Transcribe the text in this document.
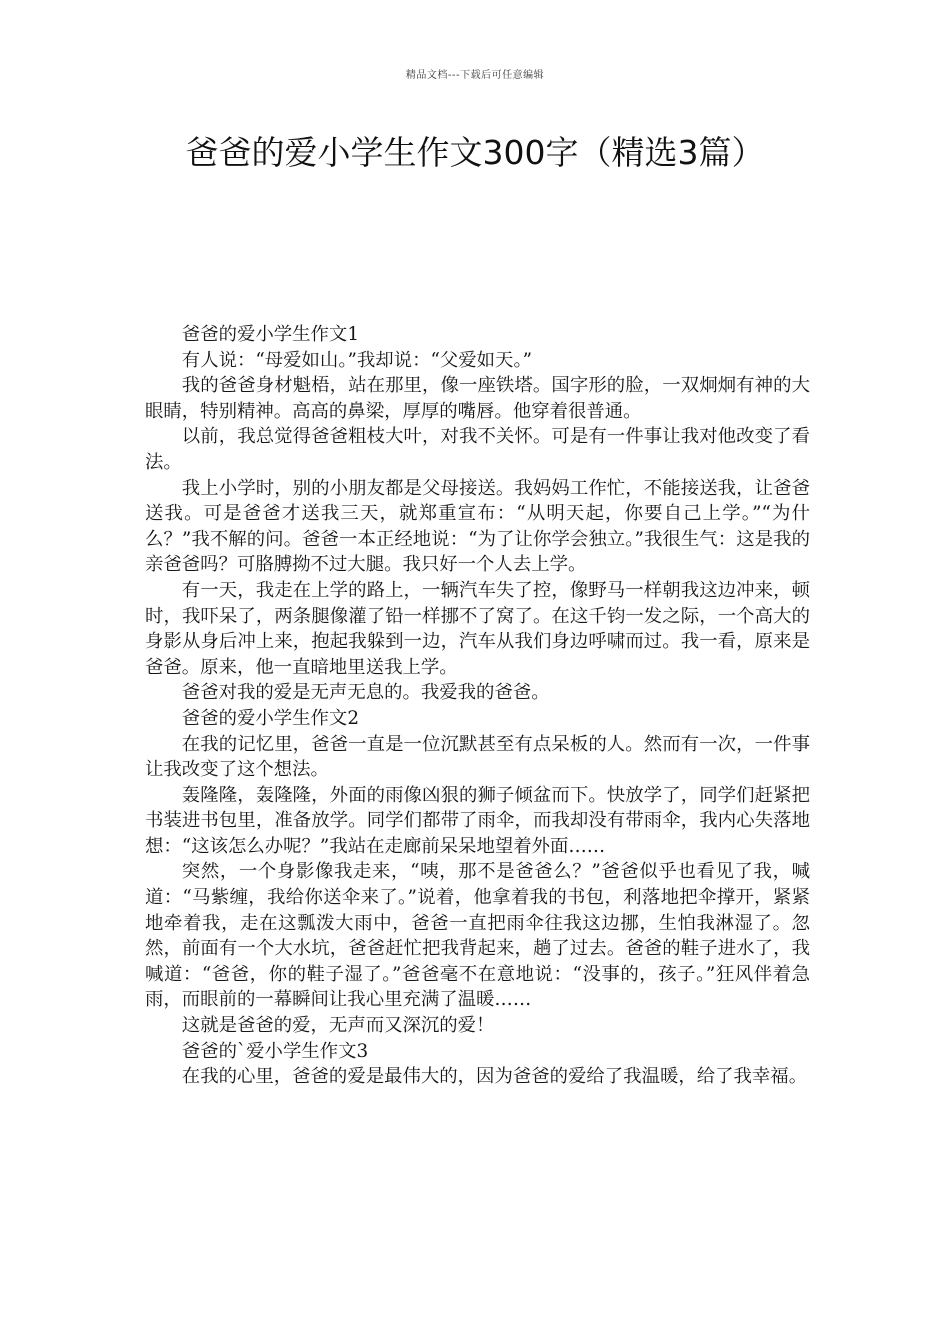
精品文档---下载后可任意编辑
爸爸的爱小学生作文300字（精选3篇）

爸爸的爱小学生作文1

有人说：“母爱如山。”我却说：“父爱如天。”

我的爸爸身材魁梧，站在那里，像一座铁塔。国字形的脸，一双炯炯有神的大眼睛，特别精神。高高的鼻梁，厚厚的嘴唇。他穿着很普通。

以前，我总觉得爸爸粗枝大叶，对我不关怀。可是有一件事让我对他改变了看法。

我上小学时，别的小朋友都是父母接送。我妈妈工作忙，不能接送我，让爸爸送我。可是爸爸才送我三天，就郑重宣布：“从明天起，你要自己上学。”“为什么？”我不解的问。爸爸一本正经地说：“为了让你学会独立。”我很生气：这是我的亲爸爸吗？可胳膊拗不过大腿。我只好一个人去上学。

有一天，我走在上学的路上，一辆汽车失了控，像野马一样朝我这边冲来，顿时，我吓呆了，两条腿像灌了铅一样挪不了窝了。在这千钧一发之际，一个高大的身影从身后冲上来，抱起我躲到一边，汽车从我们身边呼啸而过。我一看，原来是爸爸。原来，他一直暗地里送我上学。

爸爸对我的爱是无声无息的。我爱我的爸爸。

爸爸的爱小学生作文2

在我的记忆里，爸爸一直是一位沉默甚至有点呆板的人。然而有一次，一件事让我改变了这个想法。

轰隆隆，轰隆隆，外面的雨像凶狠的狮子倾盆而下。快放学了，同学们赶紧把书装进书包里，准备放学。同学们都带了雨伞，而我却没有带雨伞，我内心失落地想：“这该怎么办呢？”我站在走廊前呆呆地望着外面……

突然，一个身影像我走来，“咦，那不是爸爸么？”爸爸似乎也看见了我，喊道：“马紫缠，我给你送伞来了。”说着，他拿着我的书包，利落地把伞撑开，紧紧地牵着我，走在这瓢泼大雨中，爸爸一直把雨伞往我这边挪，生怕我淋湿了。忽然，前面有一个大水坑，爸爸赶忙把我背起来，趟了过去。爸爸的鞋子进水了，我喊道：“爸爸，你的鞋子湿了。”爸爸毫不在意地说：“没事的，孩子。”狂风伴着急雨，而眼前的一幕瞬间让我心里充满了温暖……

这就是爸爸的爱，无声而又深沉的爱！

爸爸的`爱小学生作文3

在我的心里，爸爸的爱是最伟大的，因为爸爸的爱给了我温暖，给了我幸福。
